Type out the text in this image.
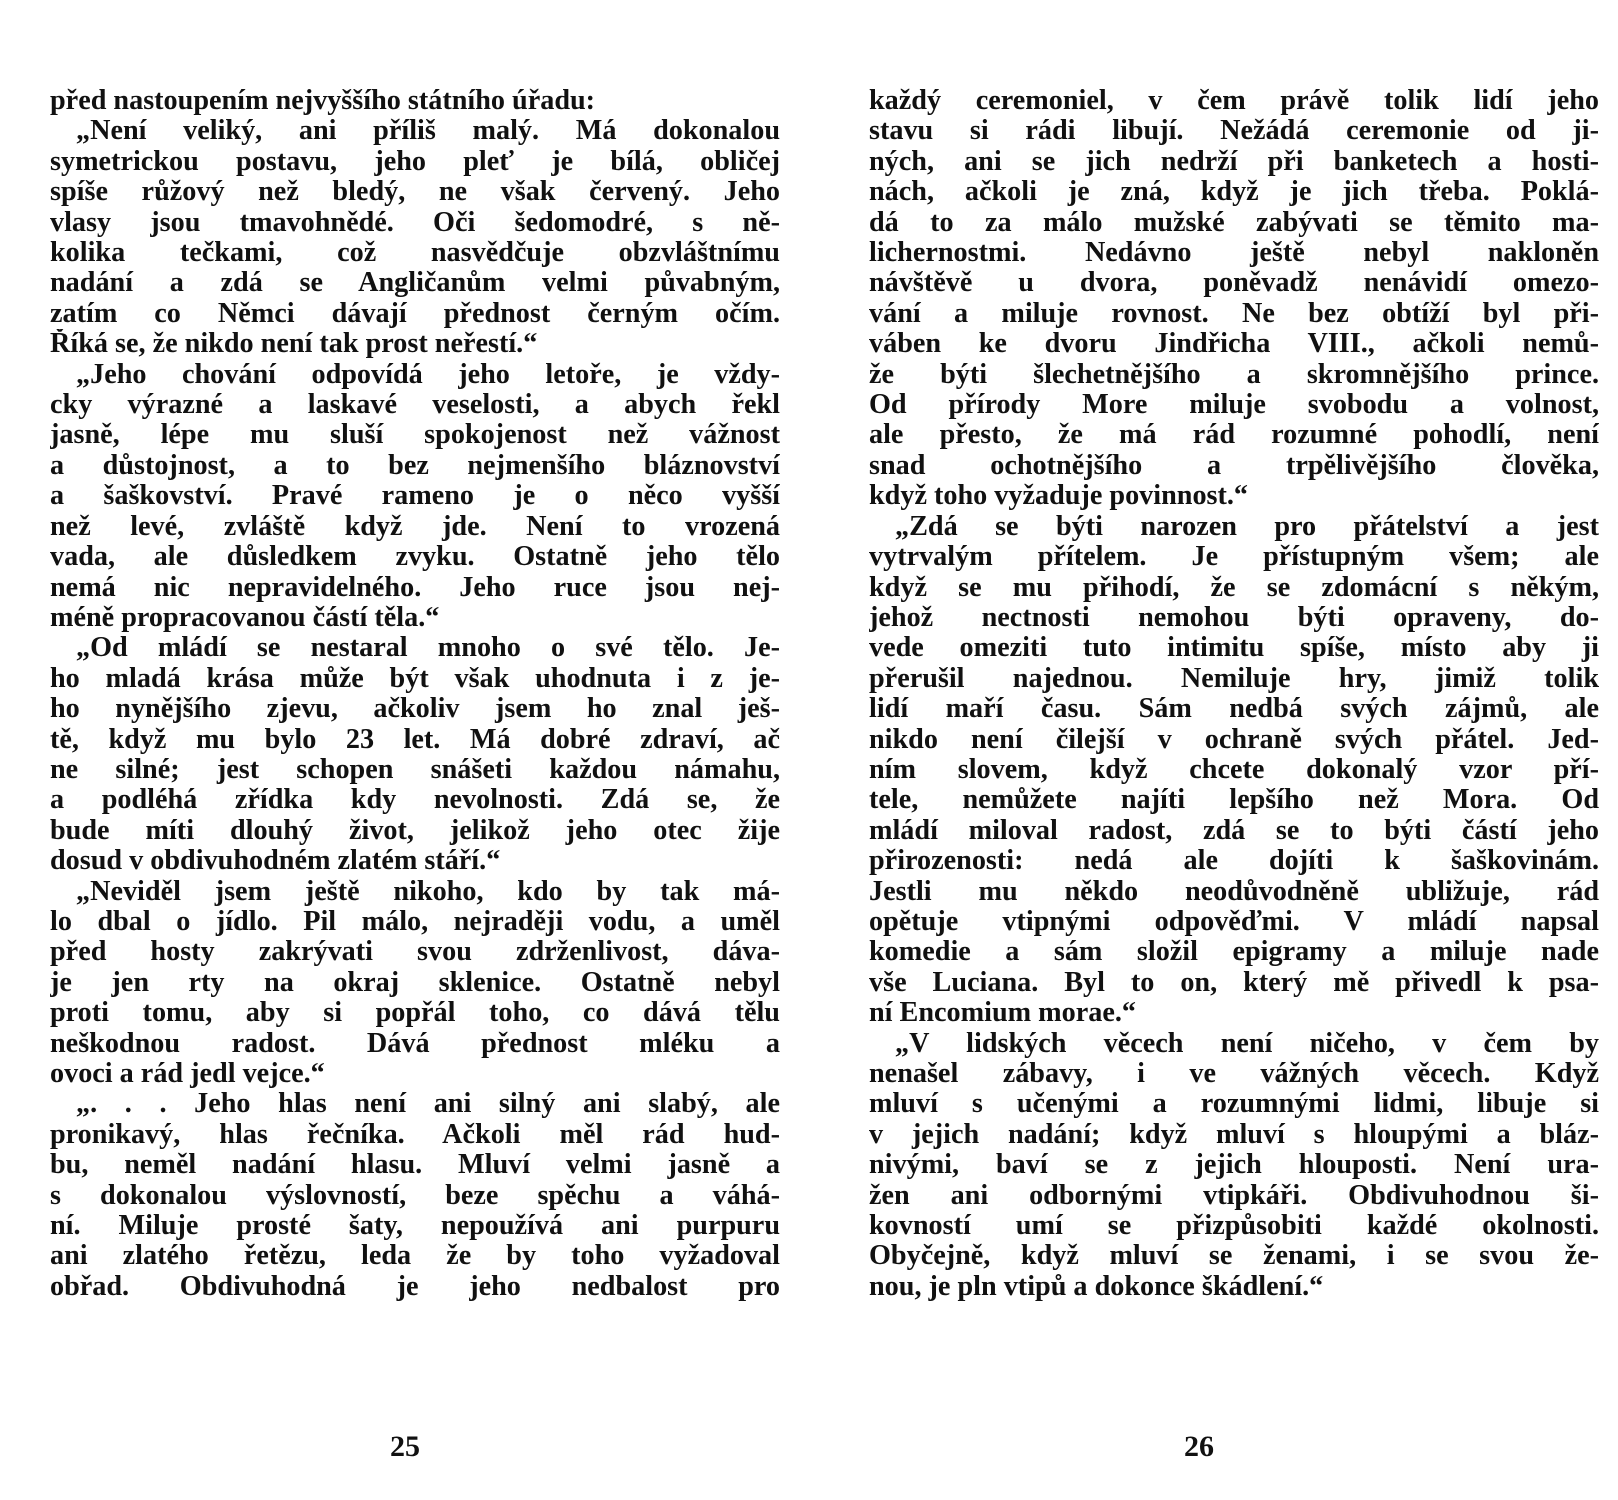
před nastoupením nejvyššího státního úřadu:
„Není veliký, ani příliš malý. Má dokonalou
symetrickou postavu, jeho pleť je bílá, obličej
spíše růžový než bledý, ne však červený. Jeho
vlasy jsou tmavohnědé. Oči šedomodré, s ně-
kolika tečkami, což nasvědčuje obzvláštnímu
nadání a zdá se Angličanům velmi půvabným,
zatím co Němci dávají přednost černým očím.
Říká se, že nikdo není tak prost neřestí.“
„Jeho chování odpovídá jeho letoře, je vždy-
cky výrazné a laskavé veselosti, a abych řekl
jasně, lépe mu sluší spokojenost než vážnost
a důstojnost, a to bez nejmenšího bláznovství
a šaškovství. Pravé rameno je o něco vyšší
než levé, zvláště když jde. Není to vrozená
vada, ale důsledkem zvyku. Ostatně jeho tělo
nemá nic nepravidelného. Jeho ruce jsou nej-
méně propracovanou částí těla.“
„Od mládí se nestaral mnoho o své tělo. Je-
ho mladá krása může být však uhodnuta i z je-
ho nynějšího zjevu, ačkoliv jsem ho znal ješ-
tě, když mu bylo 23 let. Má dobré zdraví, ač
ne silné; jest schopen snášeti každou námahu,
a podléhá zřídka kdy nevolnosti. Zdá se, že
bude míti dlouhý život, jelikož jeho otec žije
dosud v obdivuhodném zlatém stáří.“
„Neviděl jsem ještě nikoho, kdo by tak má-
lo dbal o jídlo. Pil málo, nejraději vodu, a uměl
před hosty zakrývati svou zdrženlivost, dáva-
je jen rty na okraj sklenice. Ostatně nebyl
proti tomu, aby si popřál toho, co dává tělu
neškodnou radost. Dává přednost mléku a
ovoci a rád jedl vejce.“
„. . . Jeho hlas není ani silný ani slabý, ale
pronikavý, hlas řečníka. Ačkoli měl rád hud-
bu, neměl nadání hlasu. Mluví velmi jasně a
s dokonalou výslovností, beze spěchu a váhá-
ní. Miluje prosté šaty, nepoužívá ani purpuru
ani zlatého řetězu, leda že by toho vyžadoval
obřad. Obdivuhodná je jeho nedbalost pro
25
každý ceremoniel, v čem právě tolik lidí jeho
stavu si rádi libují. Nežádá ceremonie od ji-
ných, ani se jich nedrží při banketech a hosti-
nách, ačkoli je zná, když je jich třeba. Poklá-
dá to za málo mužské zabývati se těmito ma-
lichernostmi. Nedávno ještě nebyl nakloněn
návštěvě u dvora, poněvadž nenávidí omezo-
vání a miluje rovnost. Ne bez obtíží byl při-
váben ke dvoru Jindřicha VIII., ačkoli nemů-
že býti šlechetnějšího a skromnějšího prince.
Od přírody More miluje svobodu a volnost,
ale přesto, že má rád rozumné pohodlí, není
snad ochotnějšího a trpělivějšího člověka,
když toho vyžaduje povinnost.“
„Zdá se býti narozen pro přátelství a jest
vytrvalým přítelem. Je přístupným všem; ale
když se mu přihodí, že se zdomácní s někým,
jehož nectnosti nemohou býti opraveny, do-
vede omeziti tuto intimitu spíše, místo aby ji
přerušil najednou. Nemiluje hry, jimiž tolik
lidí maří času. Sám nedbá svých zájmů, ale
nikdo není čilejší v ochraně svých přátel. Jed-
ním slovem, když chcete dokonalý vzor pří-
tele, nemůžete najíti lepšího než Mora. Od
mládí miloval radost, zdá se to býti částí jeho
přirozenosti: nedá ale dojíti k šaškovinám.
Jestli mu někdo neodůvodněně ubližuje, rád
opětuje vtipnými odpověďmi. V mládí napsal
komedie a sám složil epigramy a miluje nade
vše Luciana. Byl to on, který mě přivedl k psa-
ní Encomium morae.“
„V lidských věcech není ničeho, v čem by
nenašel zábavy, i ve vážných věcech. Když
mluví s učenými a rozumnými lidmi, libuje si
v jejich nadání; když mluví s hloupými a bláz-
nivými, baví se z jejich hlouposti. Není ura-
žen ani odbornými vtipkáři. Obdivuhodnou ši-
kovností umí se přizpůsobiti každé okolnosti.
Obyčejně, když mluví se ženami, i se svou že-
nou, je pln vtipů a dokonce škádlení.“
26
